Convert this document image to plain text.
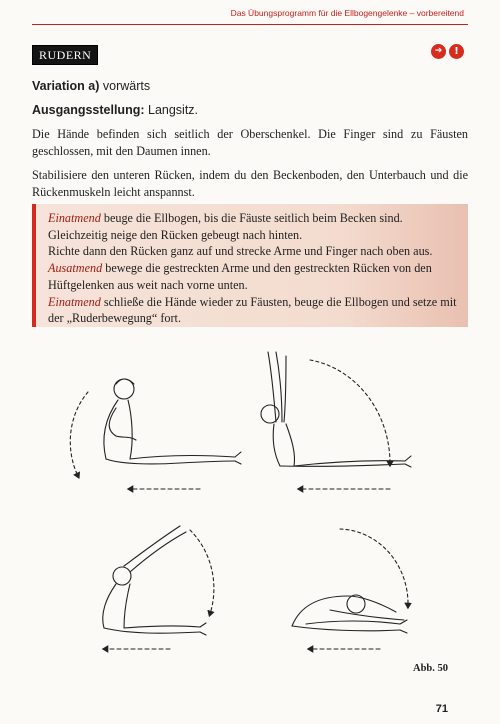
Das Übungsprogramm für die Ellbogengelenke – vorbereitend
RUDERN	➔	!

Variation a) vorwärts

Ausgangsstellung: Langsitz.

Die Hände befinden sich seitlich der Oberschenkel. Die Finger sind zu Fäusten geschlossen, mit den Daumen innen.

Stabilisiere den unteren Rücken, indem du den Beckenboden, den Unterbauch und die Rückenmuskeln leicht anspannst.

Einatmend beuge die Ellbogen, bis die Fäuste seitlich beim Becken sind. Gleichzeitig neige den Rücken gebeugt nach hinten.

Richte dann den Rücken ganz auf und strecke Arme und Finger nach oben aus.

Ausatmend bewege die gestreckten Arme und den gestreckten Rücken von den Hüftgelenken aus weit nach vorne unten.

Einatmend schließe die Hände wieder zu Fäusten, beuge die Ellbogen und setze mit der „Ruderbewegung“ fort.

Abb. 50
71
